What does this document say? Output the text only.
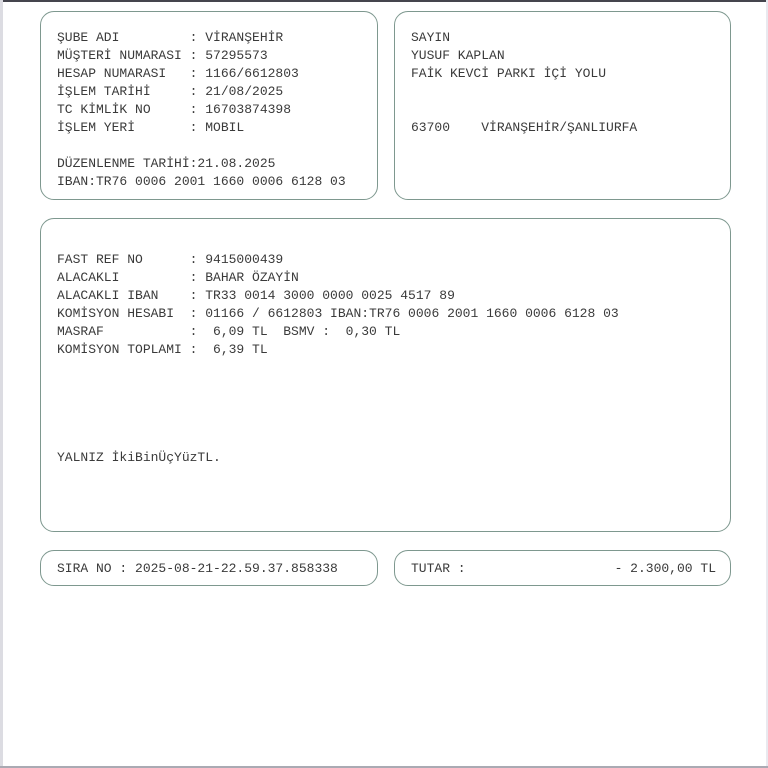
ŞUBE ADI         : VİRANŞEHİR
MÜŞTERİ NUMARASI : 57295573
HESAP NUMARASI   : 1166/6612803
İŞLEM TARİHİ     : 21/08/2025
TC KİMLİK NO     : 16703874398
İŞLEM YERİ       : MOBIL
DÜZENLENME TARİHİ:21.08.2025
IBAN:TR76 0006 2001 1660 0006 6128 03
SAYIN
YUSUF KAPLAN
FAİK KEVCİ PARKI İÇİ YOLU
63700    VİRANŞEHİR/ŞANLIURFA
FAST REF NO      : 9415000439
ALACAKLI         : BAHAR ÖZAYİN
ALACAKLI IBAN    : TR33 0014 3000 0000 0025 4517 89
KOMİSYON HESABI  : 01166 / 6612803 IBAN:TR76 0006 2001 1660 0006 6128 03
MASRAF           :  6,09 TL  BSMV :  0,30 TL
KOMİSYON TOPLAMI :  6,39 TL
YALNIZ İkiBinÜçYüzTL.
SIRA NO : 2025-08-21-22.59.37.858338	TUTAR :	- 2.300,00 TL
